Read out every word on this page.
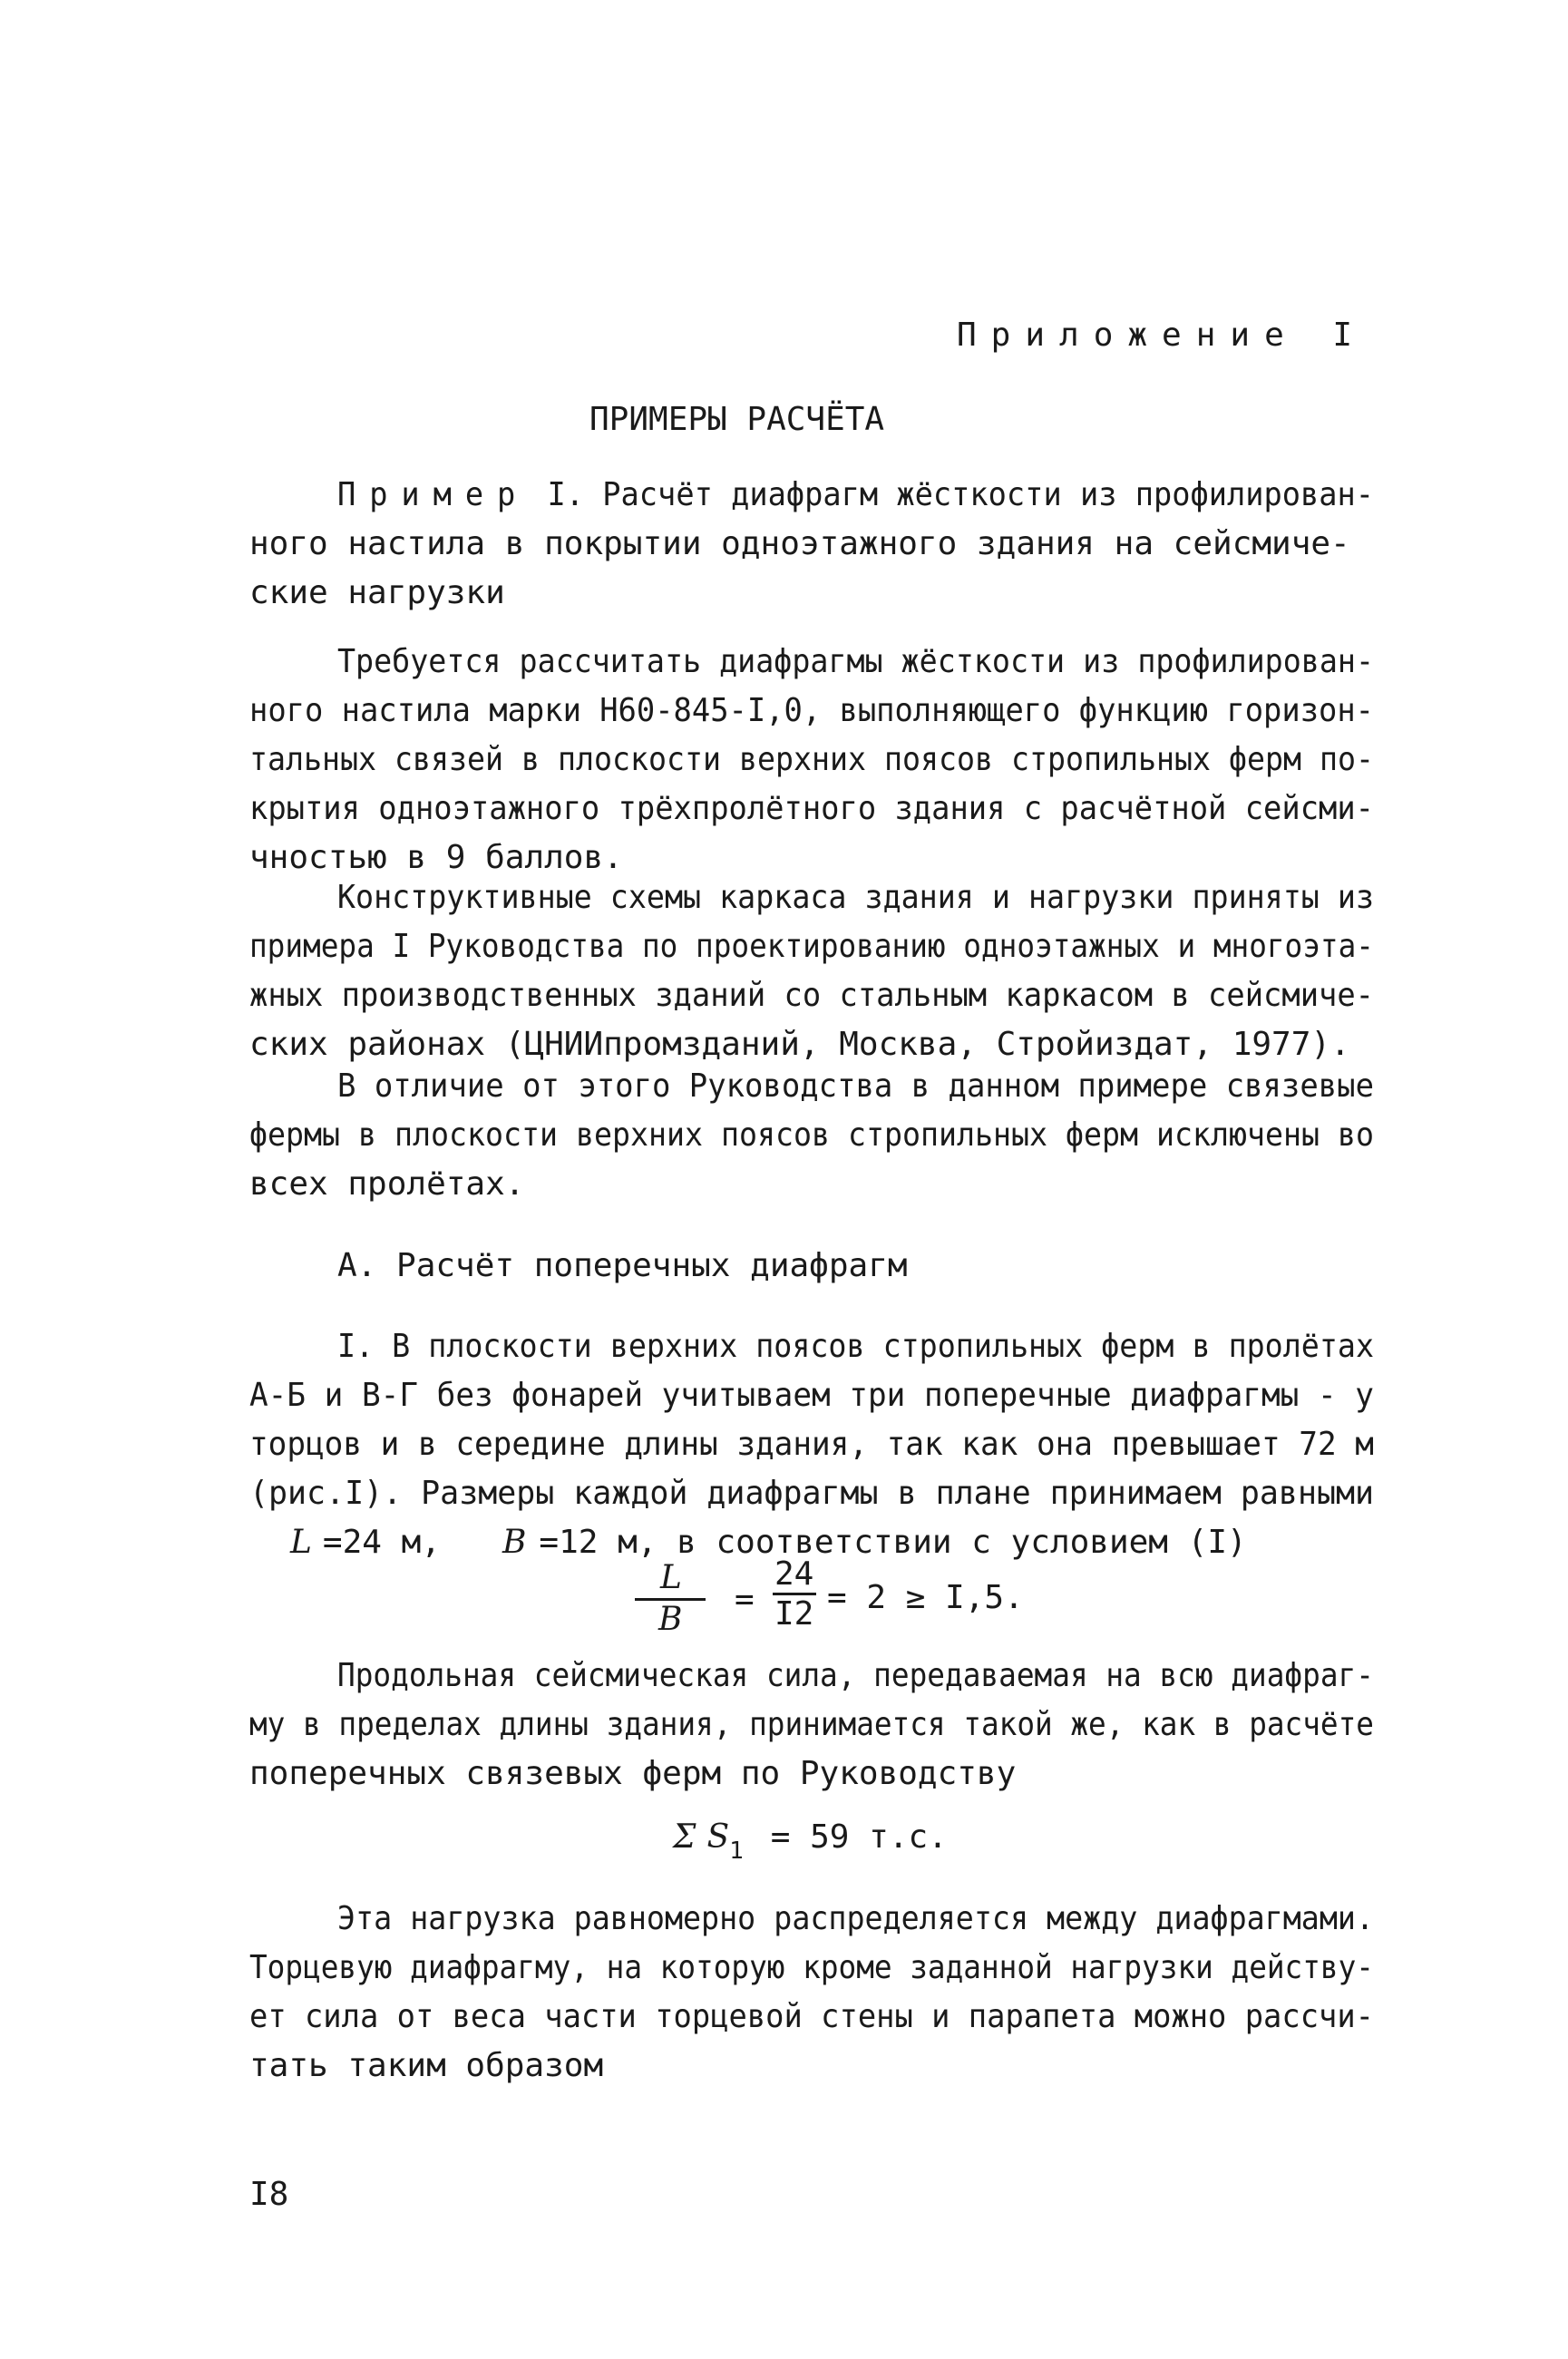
Приложение I
ПРИМЕРЫ РАСЧЁТА
Пример I. Расчёт диафрагм жёсткости из профилирован-
ного настила в покрытии одноэтажного здания на сейсмиче-
ские нагрузки
Требуется рассчитать диафрагмы жёсткости из профилирован-
ного настила марки Н60-845-I,0, выполняющего функцию горизон-
тальных связей в плоскости верхних поясов стропильных ферм по-
крытия одноэтажного трёхпролётного здания с расчётной сейсми-
чностью в 9 баллов.
Конструктивные схемы каркаса здания и нагрузки приняты из
примера I Руководства по проектированию одноэтажных и многоэта-
жных производственных зданий со стальным каркасом в сейсмиче-
ских районах (ЦНИИпромзданий, Москва, Стройиздат, 1977).
В отличие от этого Руководства в данном примере связевые
фермы в плоскости верхних поясов стропильных ферм исключены во
всех пролётах.
А. Расчёт поперечных диафрагм
I. В плоскости верхних поясов стропильных ферм в пролётах
А-Б и В-Г без фонарей учитываем три поперечные диафрагмы - у
торцов и в середине длины здания, так как она превышает 72 м
(рис.I). Размеры каждой диафрагмы в плане принимаем равными
L =24 м, B =12 м, в соответствии с условием (I)
L
B
=
24
I2 = 2 ≥ I,5.
Продольная сейсмическая сила, передаваемая на всю диафраг-
му в пределах длины здания, принимается такой же, как в расчёте
поперечных связевых ферм по Руководству
Σ $S_1 = 59$ т.с.
Эта нагрузка равномерно распределяется между диафрагмами.
Торцевую диафрагму, на которую кроме заданной нагрузки действу-
ет сила от веса части торцевой стены и парапета можно рассчи-
тать таким образом
I8
